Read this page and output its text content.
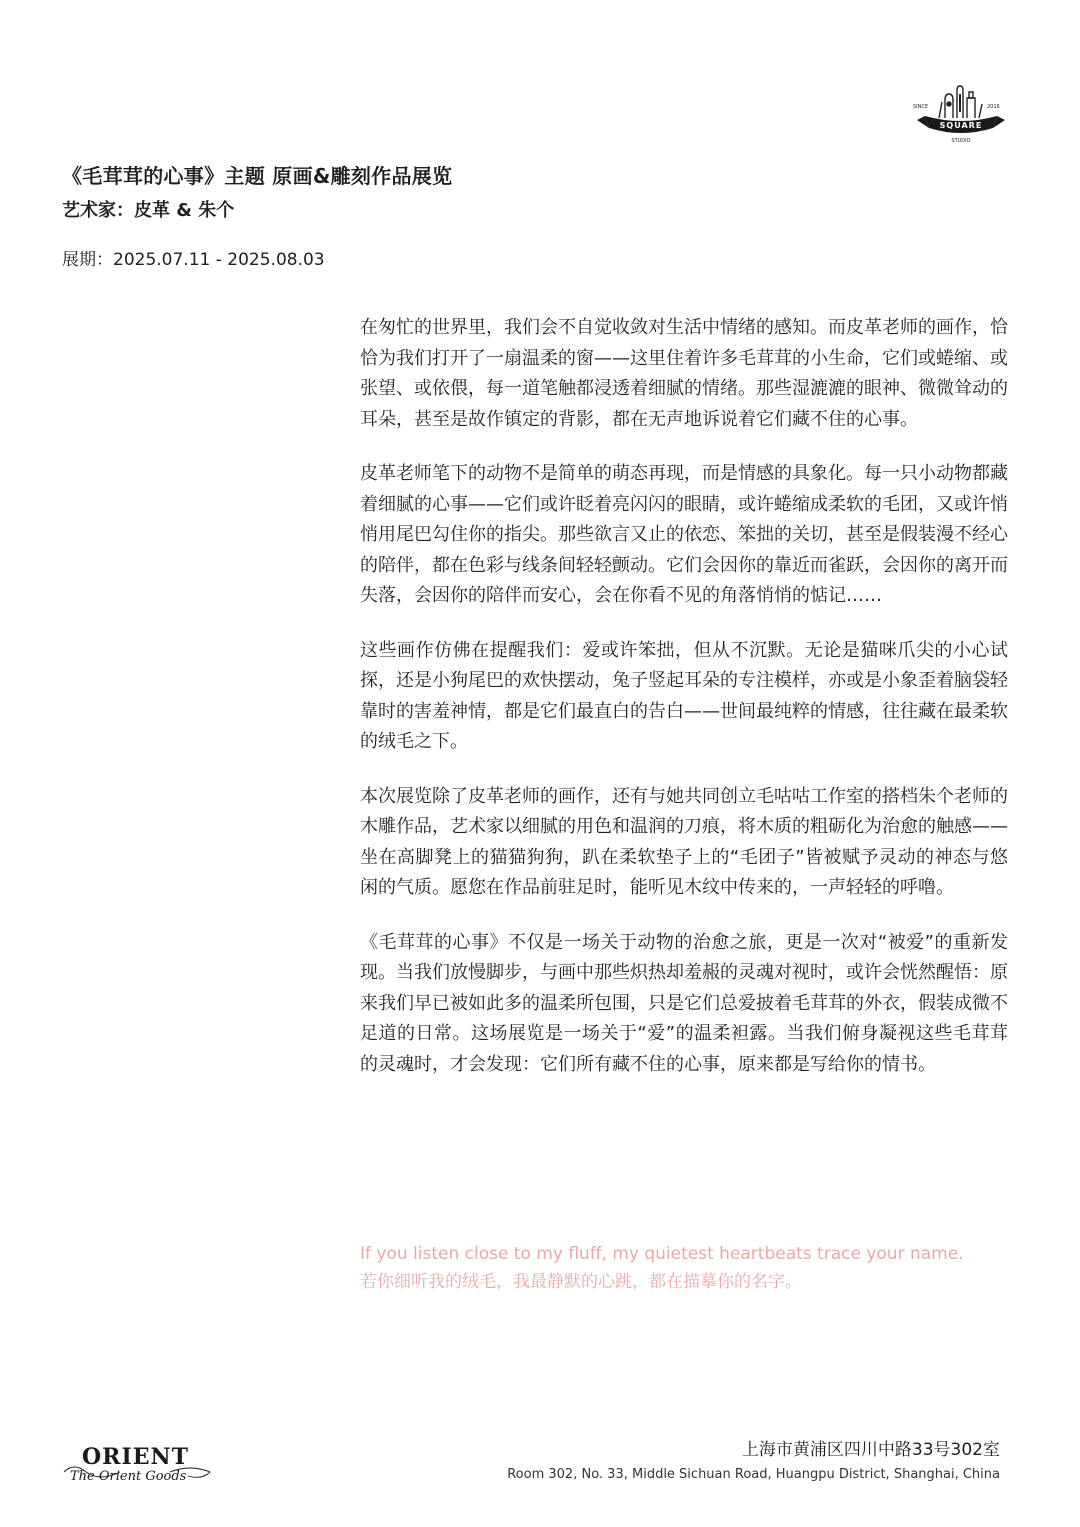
SINCE	2016
SQUARE
STUDIO
《毛茸茸的心事》主题 原画&雕刻作品展览
艺术家：皮革 & 朱个
展期：2025.07.11 - 2025.08.03

在匆忙的世界里，我们会不自觉收敛对生活中情绪的感知。而皮革老师的画作，恰恰为我们打开了一扇温柔的窗——这里住着许多毛茸茸的小生命，它们或蜷缩、或张望、或依偎，每一道笔触都浸透着细腻的情绪。那些湿漉漉的眼神、微微耸动的耳朵，甚至是故作镇定的背影，都在无声地诉说着它们藏不住的心事。

皮革老师笔下的动物不是简单的萌态再现，而是情感的具象化。每一只小动物都藏着细腻的心事——它们或许眨着亮闪闪的眼睛，或许蜷缩成柔软的毛团，又或许悄悄用尾巴勾住你的指尖。那些欲言又止的依恋、笨拙的关切，甚至是假装漫不经心的陪伴，都在色彩与线条间轻轻颤动。它们会因你的靠近而雀跃，会因你的离开而失落，会因你的陪伴而安心，会在你看不见的角落悄悄的惦记……

这些画作仿佛在提醒我们：爱或许笨拙，但从不沉默。无论是猫咪爪尖的小心试探，还是小狗尾巴的欢快摆动，兔子竖起耳朵的专注模样，亦或是小象歪着脑袋轻靠时的害羞神情，都是它们最直白的告白——世间最纯粹的情感，往往藏在最柔软的绒毛之下。

本次展览除了皮革老师的画作，还有与她共同创立毛咕咕工作室的搭档朱个老师的木雕作品，艺术家以细腻的用色和温润的刀痕，将木质的粗砺化为治愈的触感——坐在高脚凳上的猫猫狗狗，趴在柔软垫子上的“毛团子”皆被赋予灵动的神态与悠闲的气质。愿您在作品前驻足时，能听见木纹中传来的，一声轻轻的呼噜。

《毛茸茸的心事》不仅是一场关于动物的治愈之旅，更是一次对“被爱”的重新发现。当我们放慢脚步，与画中那些炽热却羞赧的灵魂对视时，或许会恍然醒悟：原来我们早已被如此多的温柔所包围，只是它们总爱披着毛茸茸的外衣，假装成微不足道的日常。这场展览是一场关于“爱”的温柔袒露。当我们俯身凝视这些毛茸茸的灵魂时，才会发现：它们所有藏不住的心事，原来都是写给你的情书。

If you listen close to my fluff, my quietest heartbeats trace your name.
若你细听我的绒毛，我最静默的心跳，都在描摹你的名字。
ORIENT
The Orient Goods
上海市黄浦区四川中路33号302室
Room 302, No. 33, Middle Sichuan Road, Huangpu District, Shanghai, China
